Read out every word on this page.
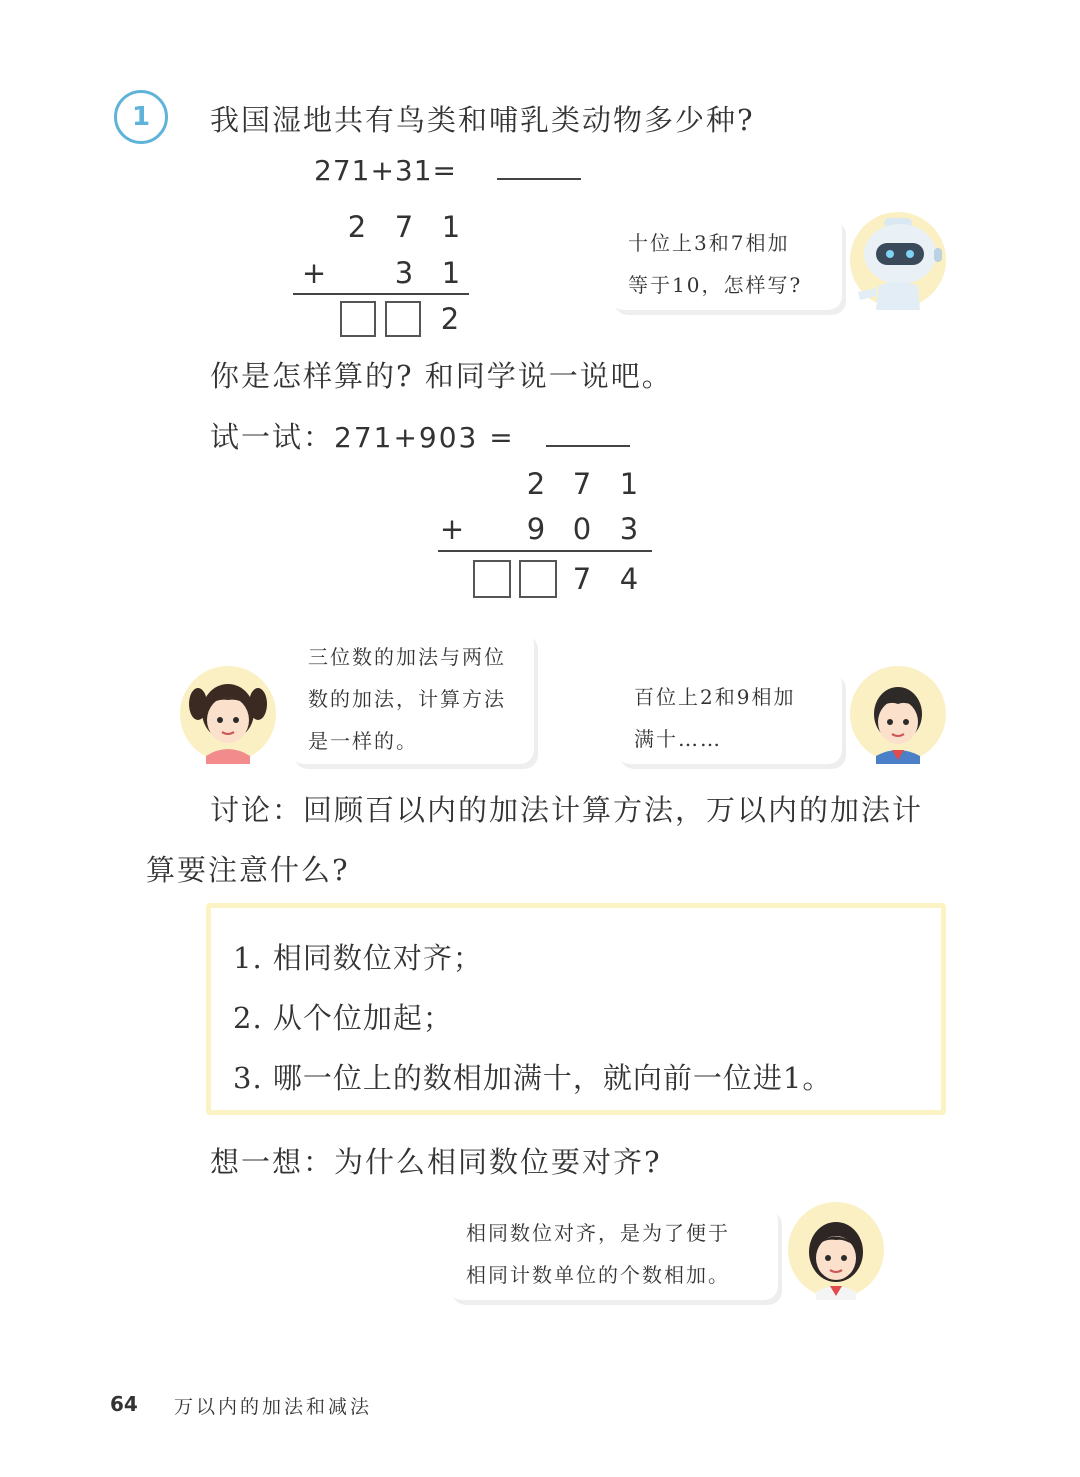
1	我国湿地共有鸟类和哺乳类动物多少种?
271+31=
2 7 1
+ 3 1
2
十位上3和7相加
等于10，怎样写?
你是怎样算的? 和同学说一说吧。
试一试：271+903 =
2 7 1
+ 9 0 3
7 4
三位数的加法与两位
数的加法，计算方法
是一样的。
百位上2和9相加
满十……
讨论：回顾百以内的加法计算方法，万以内的加法计
算要注意什么?
1. 相同数位对齐；
2. 从个位加起；
3. 哪一位上的数相加满十，就向前一位进1。
想一想：为什么相同数位要对齐?
相同数位对齐，是为了便于
相同计数单位的个数相加。
64 万以内的加法和减法
